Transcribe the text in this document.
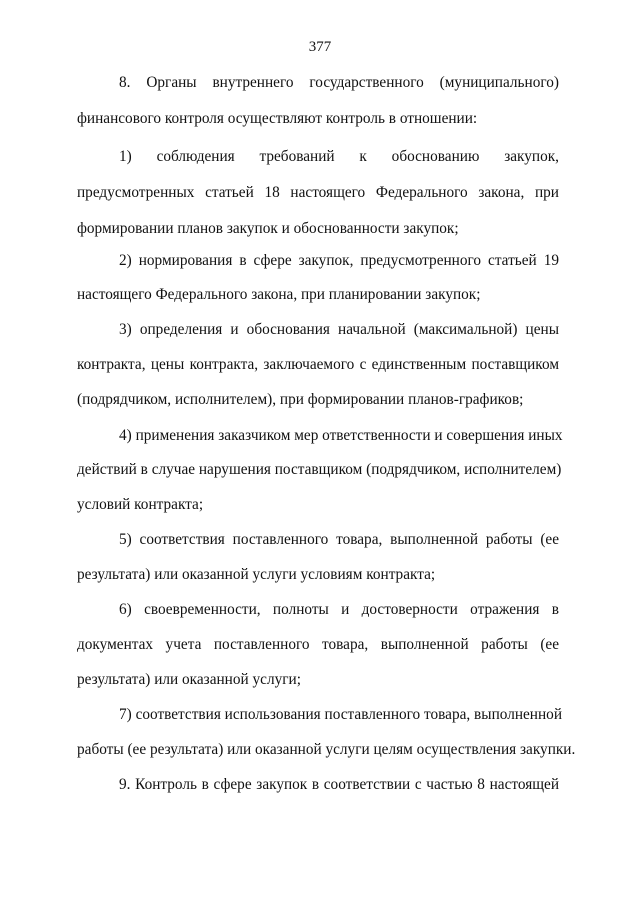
377
8.   Органы   внутреннего   государственного   (муниципального)
финансового контроля осуществляют контроль в отношении:
1)   соблюдения   требований   к   обоснованию   закупок,
предусмотренных статьей 18 настоящего Федерального закона, при
формировании планов закупок и обоснованности закупок;
2) нормирования в сфере закупок, предусмотренного статьей 19
настоящего Федерального закона, при планировании закупок;
3) определения и обоснования начальной (максимальной) цены
контракта, цены контракта, заключаемого с единственным поставщиком
(подрядчиком, исполнителем), при формировании планов-графиков;
4) применения заказчиком мер ответственности и совершения иных
действий в случае нарушения поставщиком (подрядчиком, исполнителем)
условий контракта;
5) соответствия поставленного товара, выполненной работы (ее
результата) или оказанной услуги условиям контракта;
6)  своевременности,  полноты  и  достоверности  отражения  в
документах учета поставленного товара, выполненной работы (ее
результата) или оказанной услуги;
7) соответствия использования поставленного товара, выполненной
работы (ее результата) или оказанной услуги целям осуществления закупки.
9. Контроль в сфере закупок в соответствии с частью 8 настоящей
